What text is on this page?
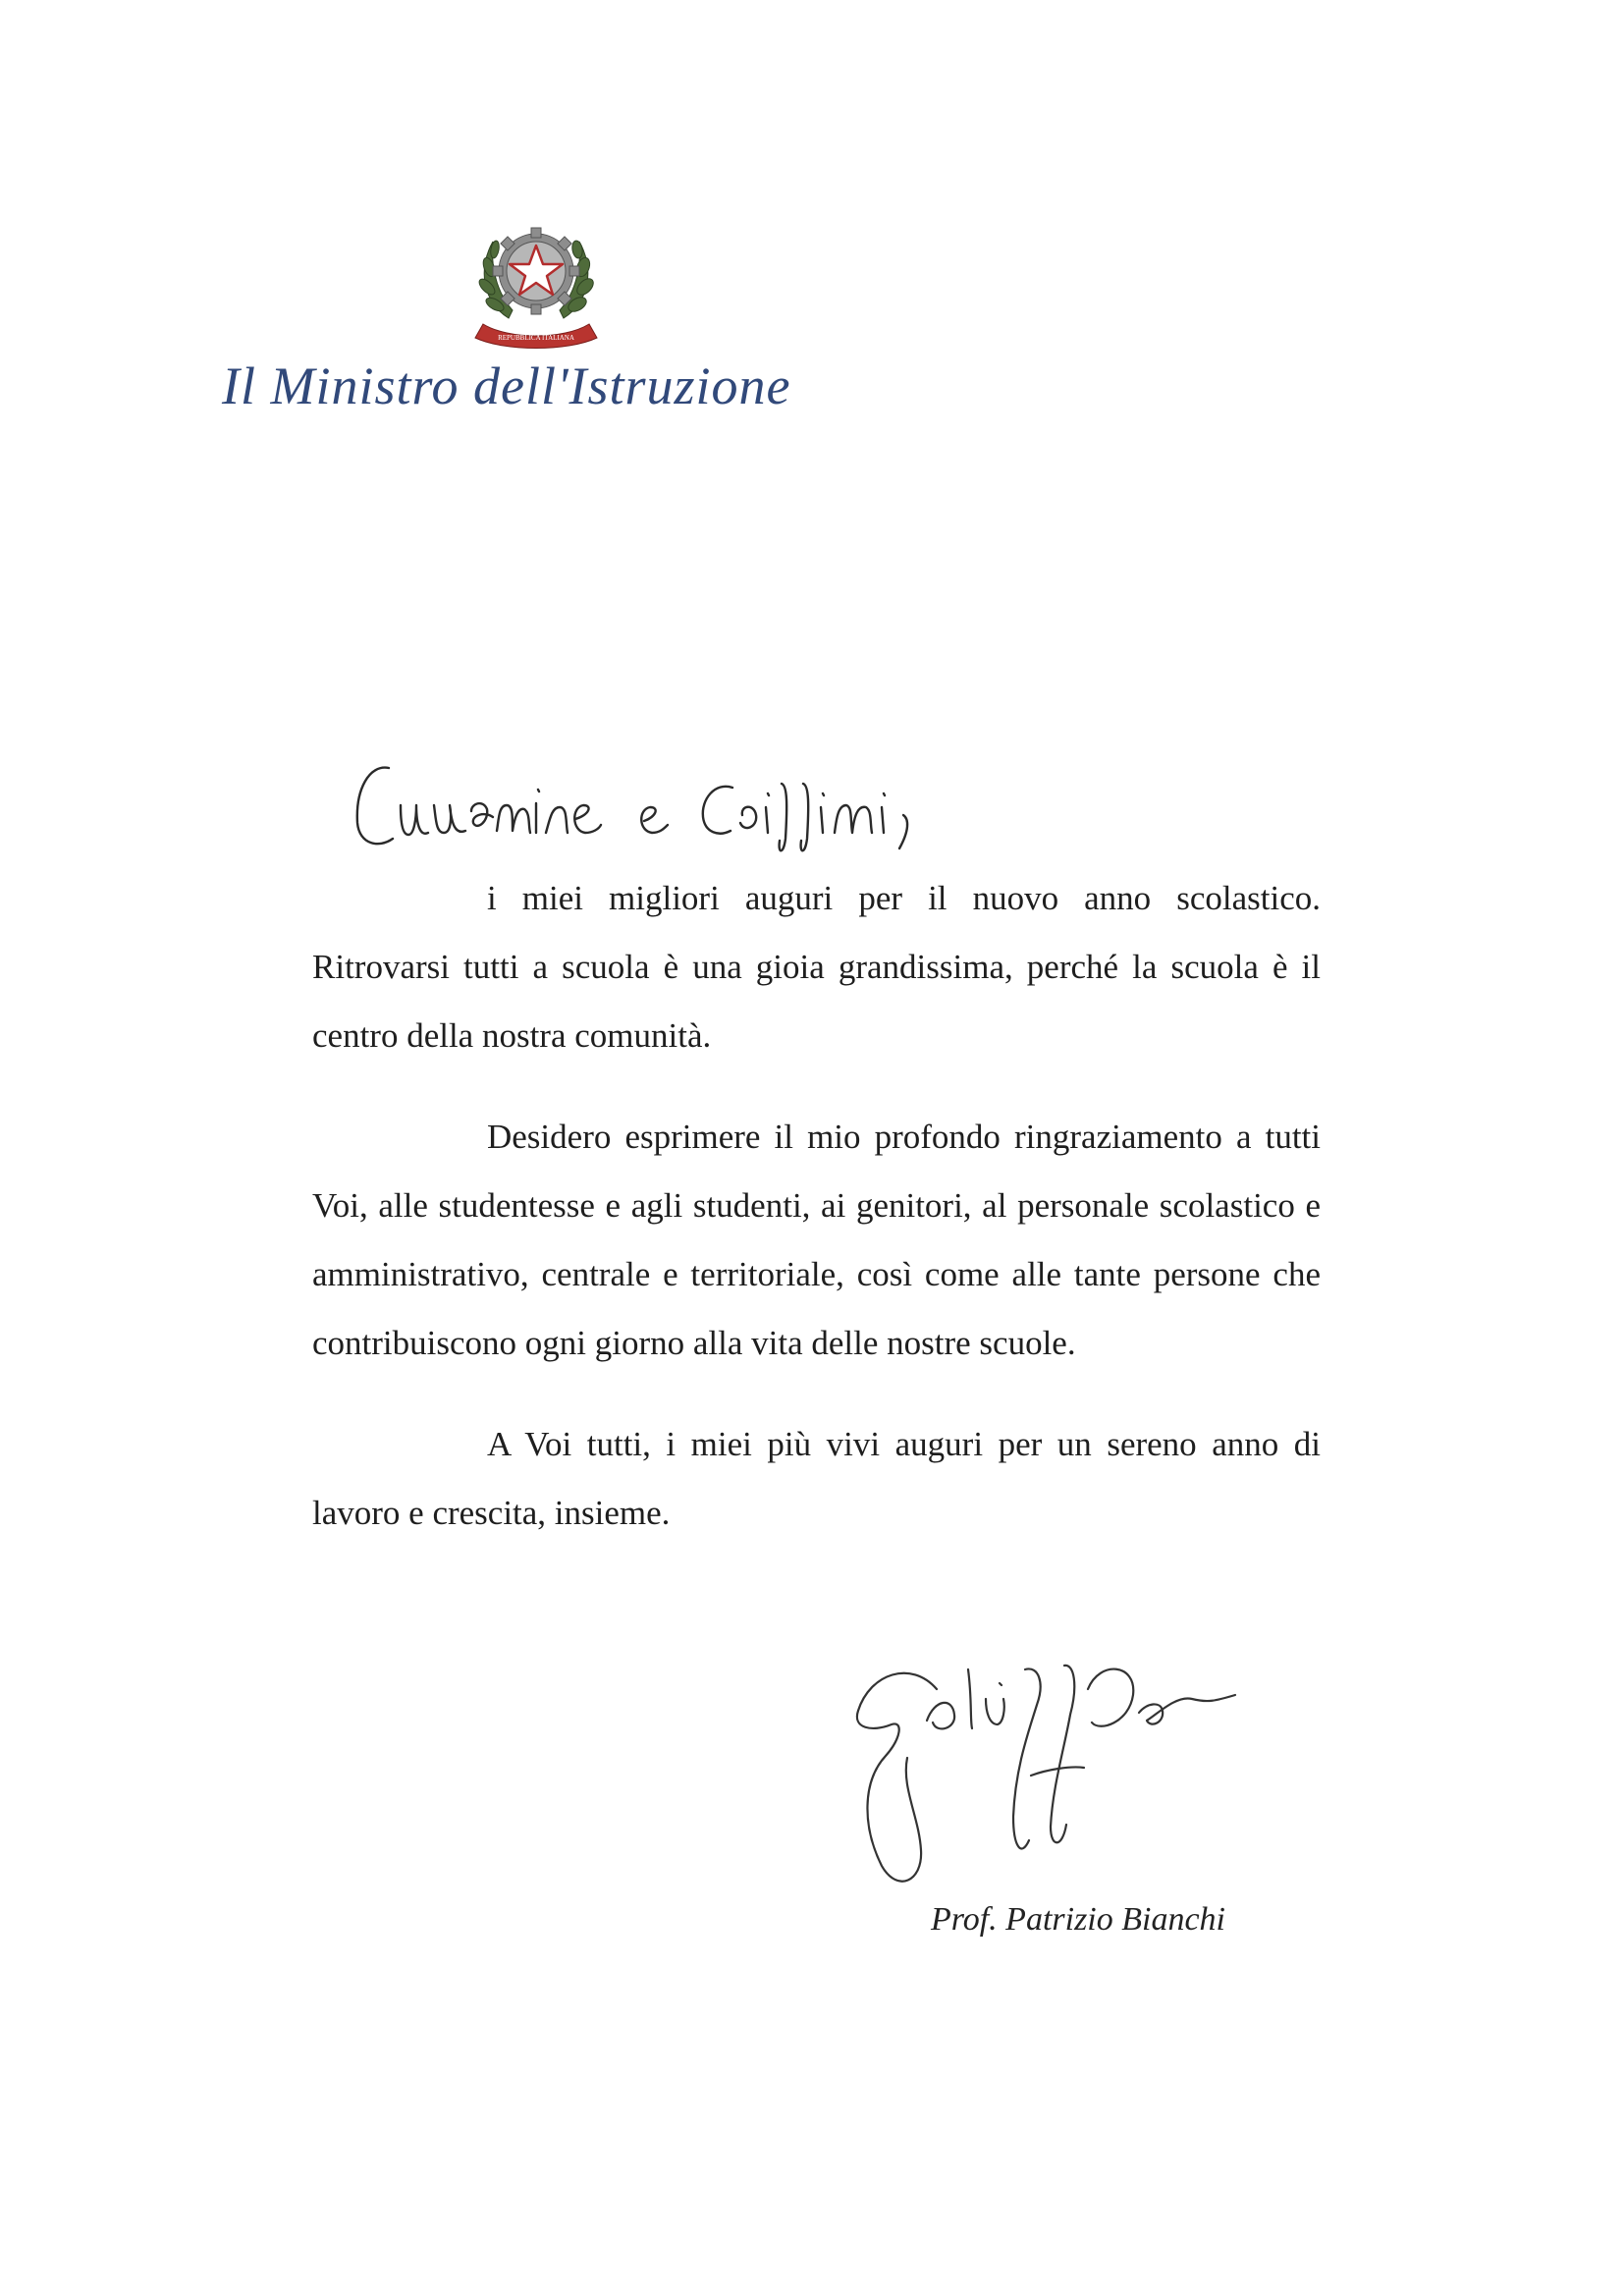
REPUBBLICA ITALIANA
Il Ministro dell'Istruzione

i miei migliori auguri per il nuovo anno scolastico. Ritrovarsi tutti a scuola è una gioia grandissima, perché la scuola è il centro della nostra comunità.

Desidero esprimere il mio profondo ringraziamento a tutti Voi, alle studentesse e agli studenti, ai genitori, al personale scolastico e amministrativo, centrale e territoriale, così come alle tante persone che contribuiscono ogni giorno alla vita delle nostre scuole.

A Voi tutti, i miei più vivi auguri per un sereno anno di lavoro e crescita, insieme.

Prof. Patrizio Bianchi
